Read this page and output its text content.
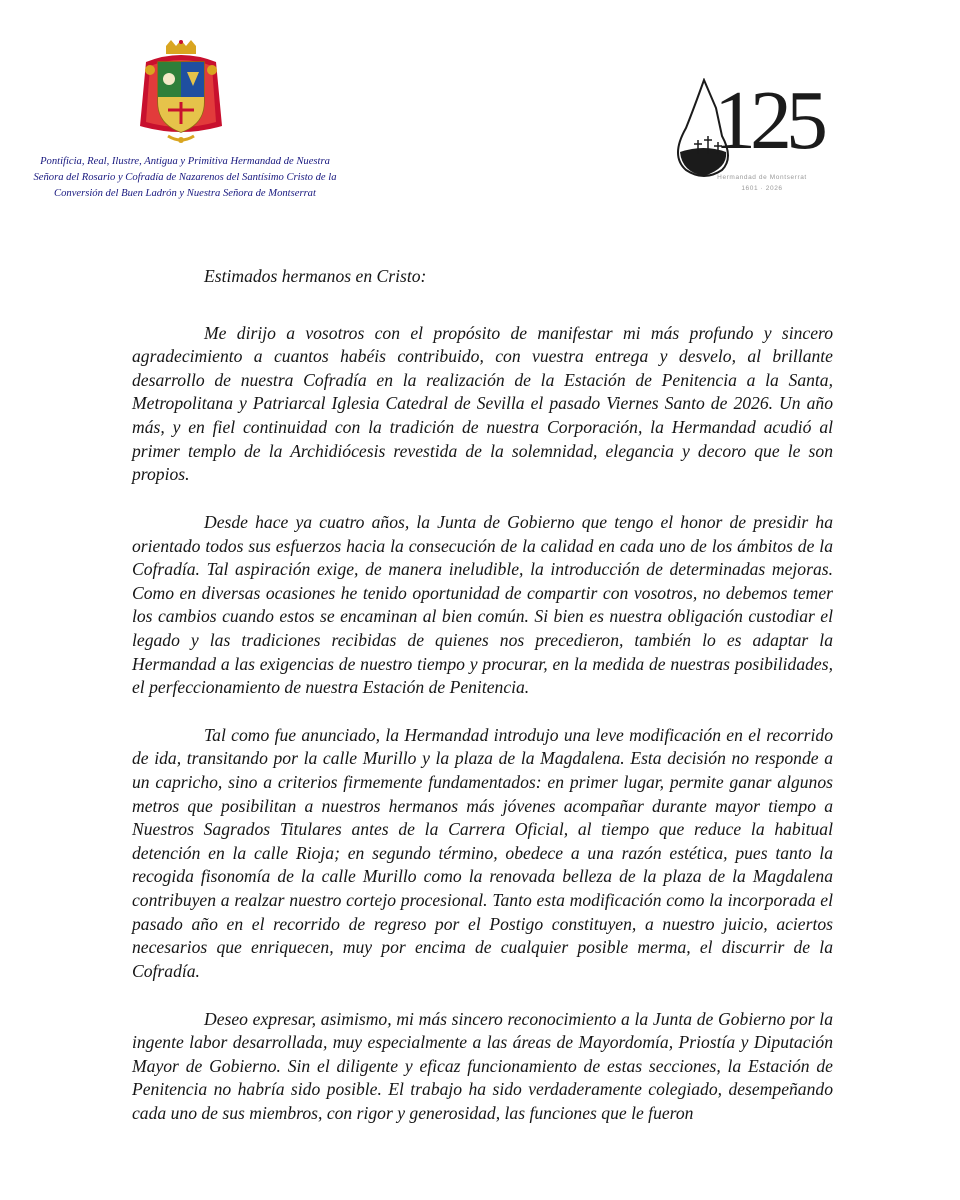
Pontificia, Real, Ilustre, Antigua y Primitiva Hermandad de Nuestra Señora del Rosario y Cofradía de Nazarenos del Santísimo Cristo de la Conversión del Buen Ladrón y Nuestra Señora de Montserrat
125
Hermandad de Montserrat
1601 · 2026

Estimados hermanos en Cristo:

Me dirijo a vosotros con el propósito de manifestar mi más profundo y sincero agradecimiento a cuantos habéis contribuido, con vuestra entrega y desvelo, al brillante desarrollo de nuestra Cofradía en la realización de la Estación de Penitencia a la Santa, Metropolitana y Patriarcal Iglesia Catedral de Sevilla el pasado Viernes Santo de 2026. Un año más, y en fiel continuidad con la tradición de nuestra Corporación, la Hermandad acudió al primer templo de la Archidiócesis revestida de la solemnidad, elegancia y decoro que le son propios.

Desde hace ya cuatro años, la Junta de Gobierno que tengo el honor de presidir ha orientado todos sus esfuerzos hacia la consecución de la calidad en cada uno de los ámbitos de la Cofradía. Tal aspiración exige, de manera ineludible, la introducción de determinadas mejoras. Como en diversas ocasiones he tenido oportunidad de compartir con vosotros, no debemos temer los cambios cuando estos se encaminan al bien común. Si bien es nuestra obligación custodiar el legado y las tradiciones recibidas de quienes nos precedieron, también lo es adaptar la Hermandad a las exigencias de nuestro tiempo y procurar, en la medida de nuestras posibilidades, el perfeccionamiento de nuestra Estación de Penitencia.

Tal como fue anunciado, la Hermandad introdujo una leve modificación en el recorrido de ida, transitando por la calle Murillo y la plaza de la Magdalena. Esta decisión no responde a un capricho, sino a criterios firmemente fundamentados: en primer lugar, permite ganar algunos metros que posibilitan a nuestros hermanos más jóvenes acompañar durante mayor tiempo a Nuestros Sagrados Titulares antes de la Carrera Oficial, al tiempo que reduce la habitual detención en la calle Rioja; en segundo término, obedece a una razón estética, pues tanto la recogida fisonomía de la calle Murillo como la renovada belleza de la plaza de la Magdalena contribuyen a realzar nuestro cortejo procesional. Tanto esta modificación como la incorporada el pasado año en el recorrido de regreso por el Postigo constituyen, a nuestro juicio, aciertos necesarios que enriquecen, muy por encima de cualquier posible merma, el discurrir de la Cofradía.

Deseo expresar, asimismo, mi más sincero reconocimiento a la Junta de Gobierno por la ingente labor desarrollada, muy especialmente a las áreas de Mayordomía, Priostía y Diputación Mayor de Gobierno. Sin el diligente y eficaz funcionamiento de estas secciones, la Estación de Penitencia no habría sido posible. El trabajo ha sido verdaderamente colegiado, desempeñando cada uno de sus miembros, con rigor y generosidad, las funciones que le fueron
